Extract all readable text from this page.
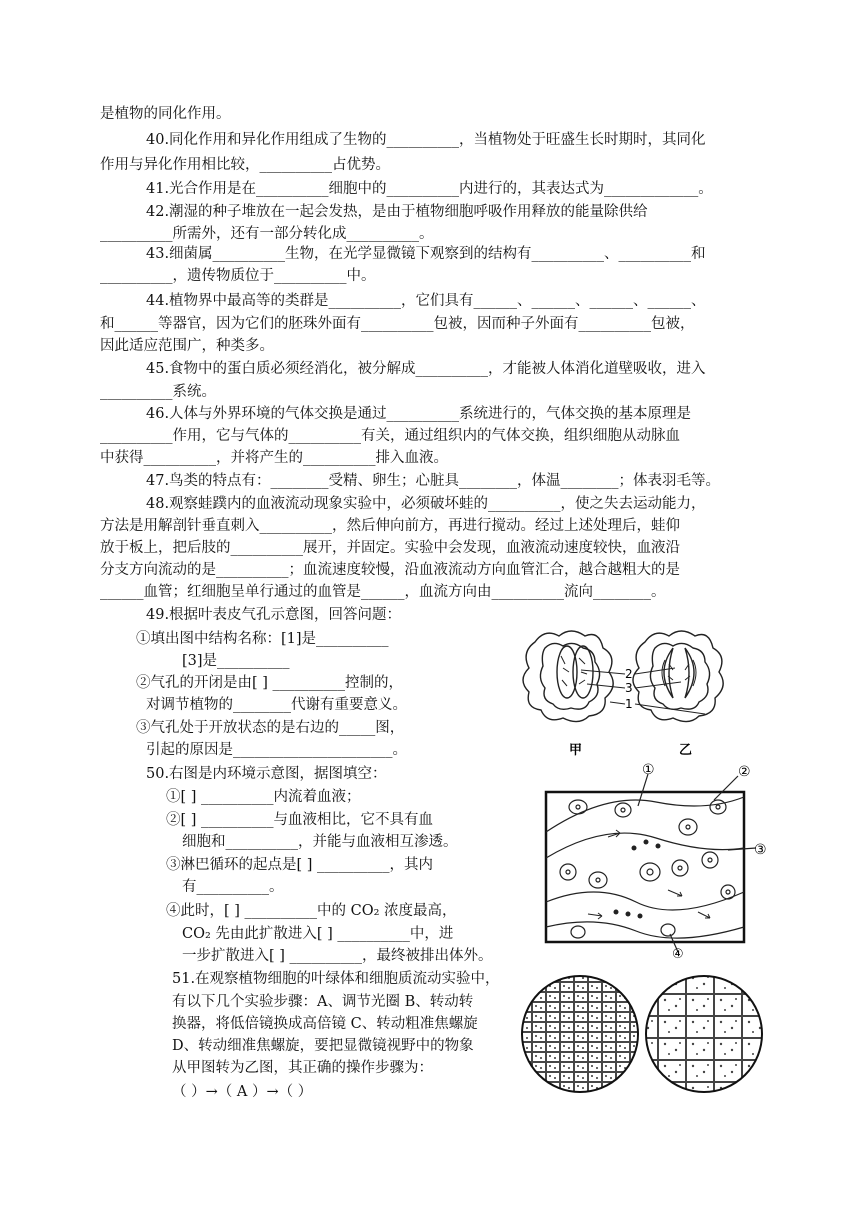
是植物的同化作用。
40.同化作用和异化作用组成了生物的__________，当植物处于旺盛生长时期时，其同化
作用与异化作用相比较，__________占优势。
41.光合作用是在__________细胞中的__________内进行的，其表达式为_____________。
42.潮湿的种子堆放在一起会发热，是由于植物细胞呼吸作用释放的能量除供给
__________所需外，还有一部分转化成__________。
43.细菌属__________生物，在光学显微镜下观察到的结构有__________、__________和
__________，遗传物质位于__________中。
44.植物界中最高等的类群是__________，它们具有______、______、______、______、
和______等器官，因为它们的胚珠外面有__________包被，因而种子外面有__________包被，
因此适应范围广，种类多。
45.食物中的蛋白质必须经消化，被分解成__________，才能被人体消化道壁吸收，进入
__________系统。
46.人体与外界环境的气体交换是通过__________系统进行的，气体交换的基本原理是
__________作用，它与气体的__________有关，通过组织内的气体交换，组织细胞从动脉血
中获得__________，并将产生的__________排入血液。
47.鸟类的特点有：________受精、卵生；心脏具________，体温________；体表羽毛等。
48.观察蛙蹼内的血液流动现象实验中，必须破坏蛙的__________，使之失去运动能力，
方法是用解剖针垂直刺入__________，然后伸向前方，再进行搅动。经过上述处理后，蛙仰
放于板上，把后肢的__________展开，并固定。实验中会发现，血液流动速度较快，血液沿
分支方向流动的是__________；血流速度较慢，沿血液流动方向血管汇合，越合越粗大的是
______血管；红细胞呈单行通过的血管是______，血流方向由__________流向________。
49.根据叶表皮气孔示意图，回答问题：
①填出图中结构名称：[1]是__________
[3]是__________
②气孔的开闭是由[ ] __________控制的，
对调节植物的________代谢有重要意义。
③气孔处于开放状态的是右边的_____图，
引起的原因是______________________。
50.右图是内环境示意图，据图填空：
①[ ] __________内流着血液；
②[ ] __________与血液相比，它不具有血
细胞和__________，并能与血液相互渗透。
③淋巴循环的起点是[ ] __________，其内
有__________。
④此时，[ ] __________中的 CO₂ 浓度最高，
CO₂ 先由此扩散进入[ ] __________中，进
一步扩散进入[ ] __________，最终被排出体外。
51.在观察植物细胞的叶绿体和细胞质流动实验中，
有以下几个实验步骤：A、调节光圈 B、转动转
换器，将低倍镜换成高倍镜 C、转动粗准焦螺旋
D、转动细准焦螺旋，要把显微镜视野中的物象
从甲图转为乙图，其正确的操作步骤为：
（ ）→（ A ）→（ ）
2
3
1
甲	乙
①	②
③
④
